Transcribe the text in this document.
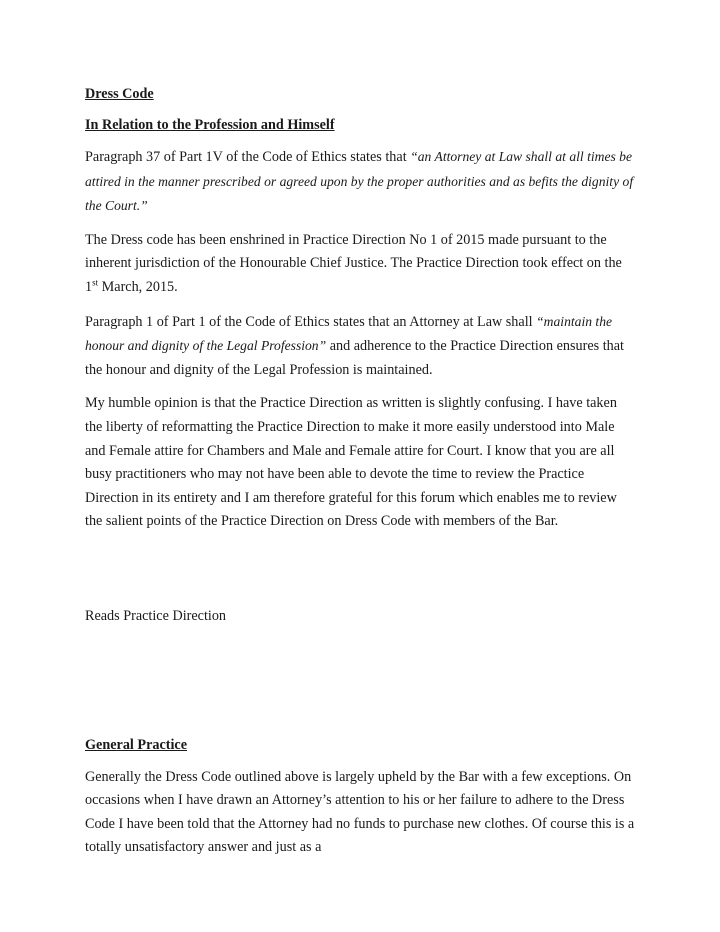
Dress Code

In Relation to the Profession and Himself

Paragraph 37 of Part 1V of the Code of Ethics states that “an Attorney at Law shall at all times be attired in the manner prescribed or agreed upon by the proper authorities and as befits the dignity of the Court.”

The Dress code has been enshrined in Practice Direction No 1 of 2015 made pursuant to the inherent jurisdiction of the Honourable Chief Justice. The Practice Direction took effect on the 1st March, 2015.

Paragraph 1 of Part 1 of the Code of Ethics states that an Attorney at Law shall “maintain the honour and dignity of the Legal Profession” and adherence to the Practice Direction ensures that the honour and dignity of the Legal Profession is maintained.

My humble opinion is that the Practice Direction as written is slightly confusing. I have taken the liberty of reformatting the Practice Direction to make it more easily understood into Male and Female attire for Chambers and Male and Female attire for Court. I know that you are all busy practitioners who may not have been able to devote the time to review the Practice Direction in its entirety and I am therefore grateful for this forum which enables me to review the salient points of the Practice Direction on Dress Code with members of the Bar.

Reads Practice Direction

General Practice

Generally the Dress Code outlined above is largely upheld by the Bar with a few exceptions. On occasions when I have drawn an Attorney’s attention to his or her failure to adhere to the Dress Code I have been told that the Attorney had no funds to purchase new clothes. Of course this is a totally unsatisfactory answer and just as a
